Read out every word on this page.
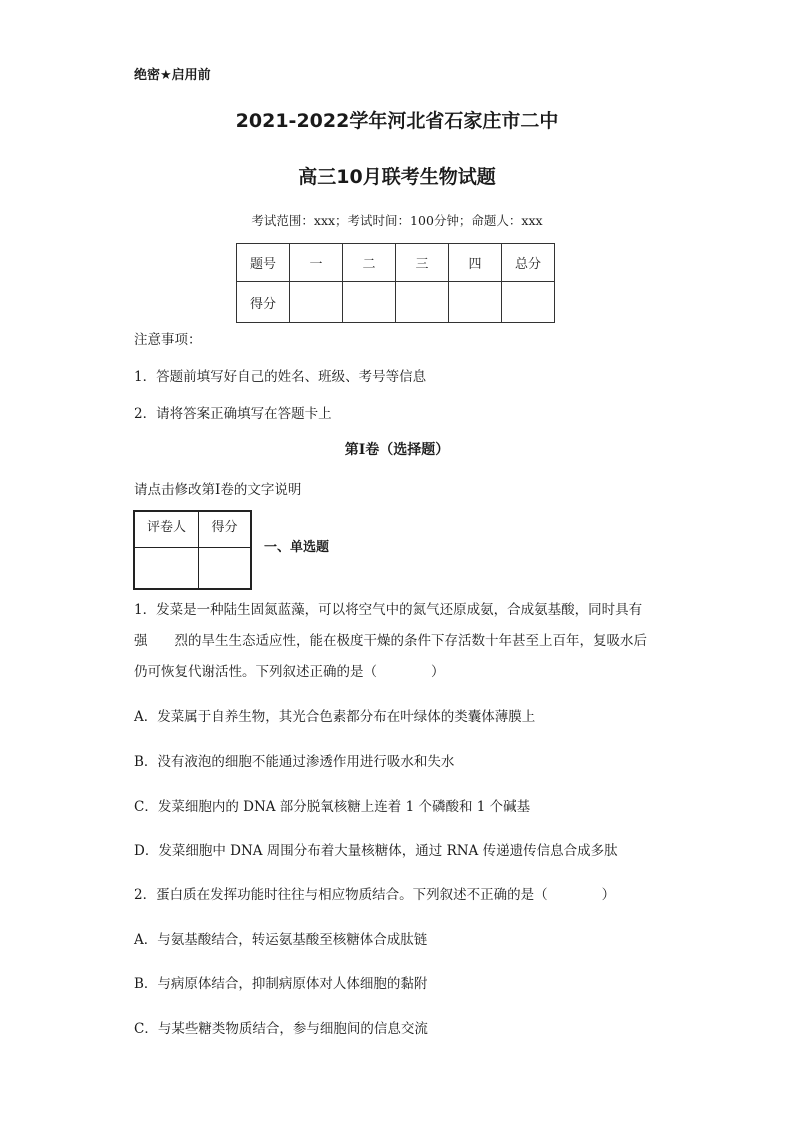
绝密★启用前
2021-2022学年河北省石家庄市二中
高三10月联考生物试题
考试范围：xxx；考试时间：100分钟；命题人：xxx
题号	一	二	三	四	总分
得分					
注意事项：
1．答题前填写好自己的姓名、班级、考号等信息
2．请将答案正确填写在答题卡上
第I卷（选择题）
请点击修改第I卷的文字说明
评卷人	得分

一、单选题
1．发菜是一种陆生固氮蓝藻，可以将空气中的氮气还原成氨，合成氨基酸，同时具有
强　　烈的旱生生态适应性，能在极度干燥的条件下存活数十年甚至上百年，复吸水后
仍可恢复代谢活性。下列叙述正确的是（　　　　）
A．发菜属于自养生物，其光合色素都分布在叶绿体的类囊体薄膜上
B．没有液泡的细胞不能通过渗透作用进行吸水和失水
C．发菜细胞内的 DNA 部分脱氧核糖上连着 1 个磷酸和 1 个碱基
D．发菜细胞中 DNA 周围分布着大量核糖体，通过 RNA 传递遗传信息合成多肽
2．蛋白质在发挥功能时往往与相应物质结合。下列叙述不正确的是（　　　　）
A．与氨基酸结合，转运氨基酸至核糖体合成肽链
B．与病原体结合，抑制病原体对人体细胞的黏附
C．与某些糖类物质结合，参与细胞间的信息交流
